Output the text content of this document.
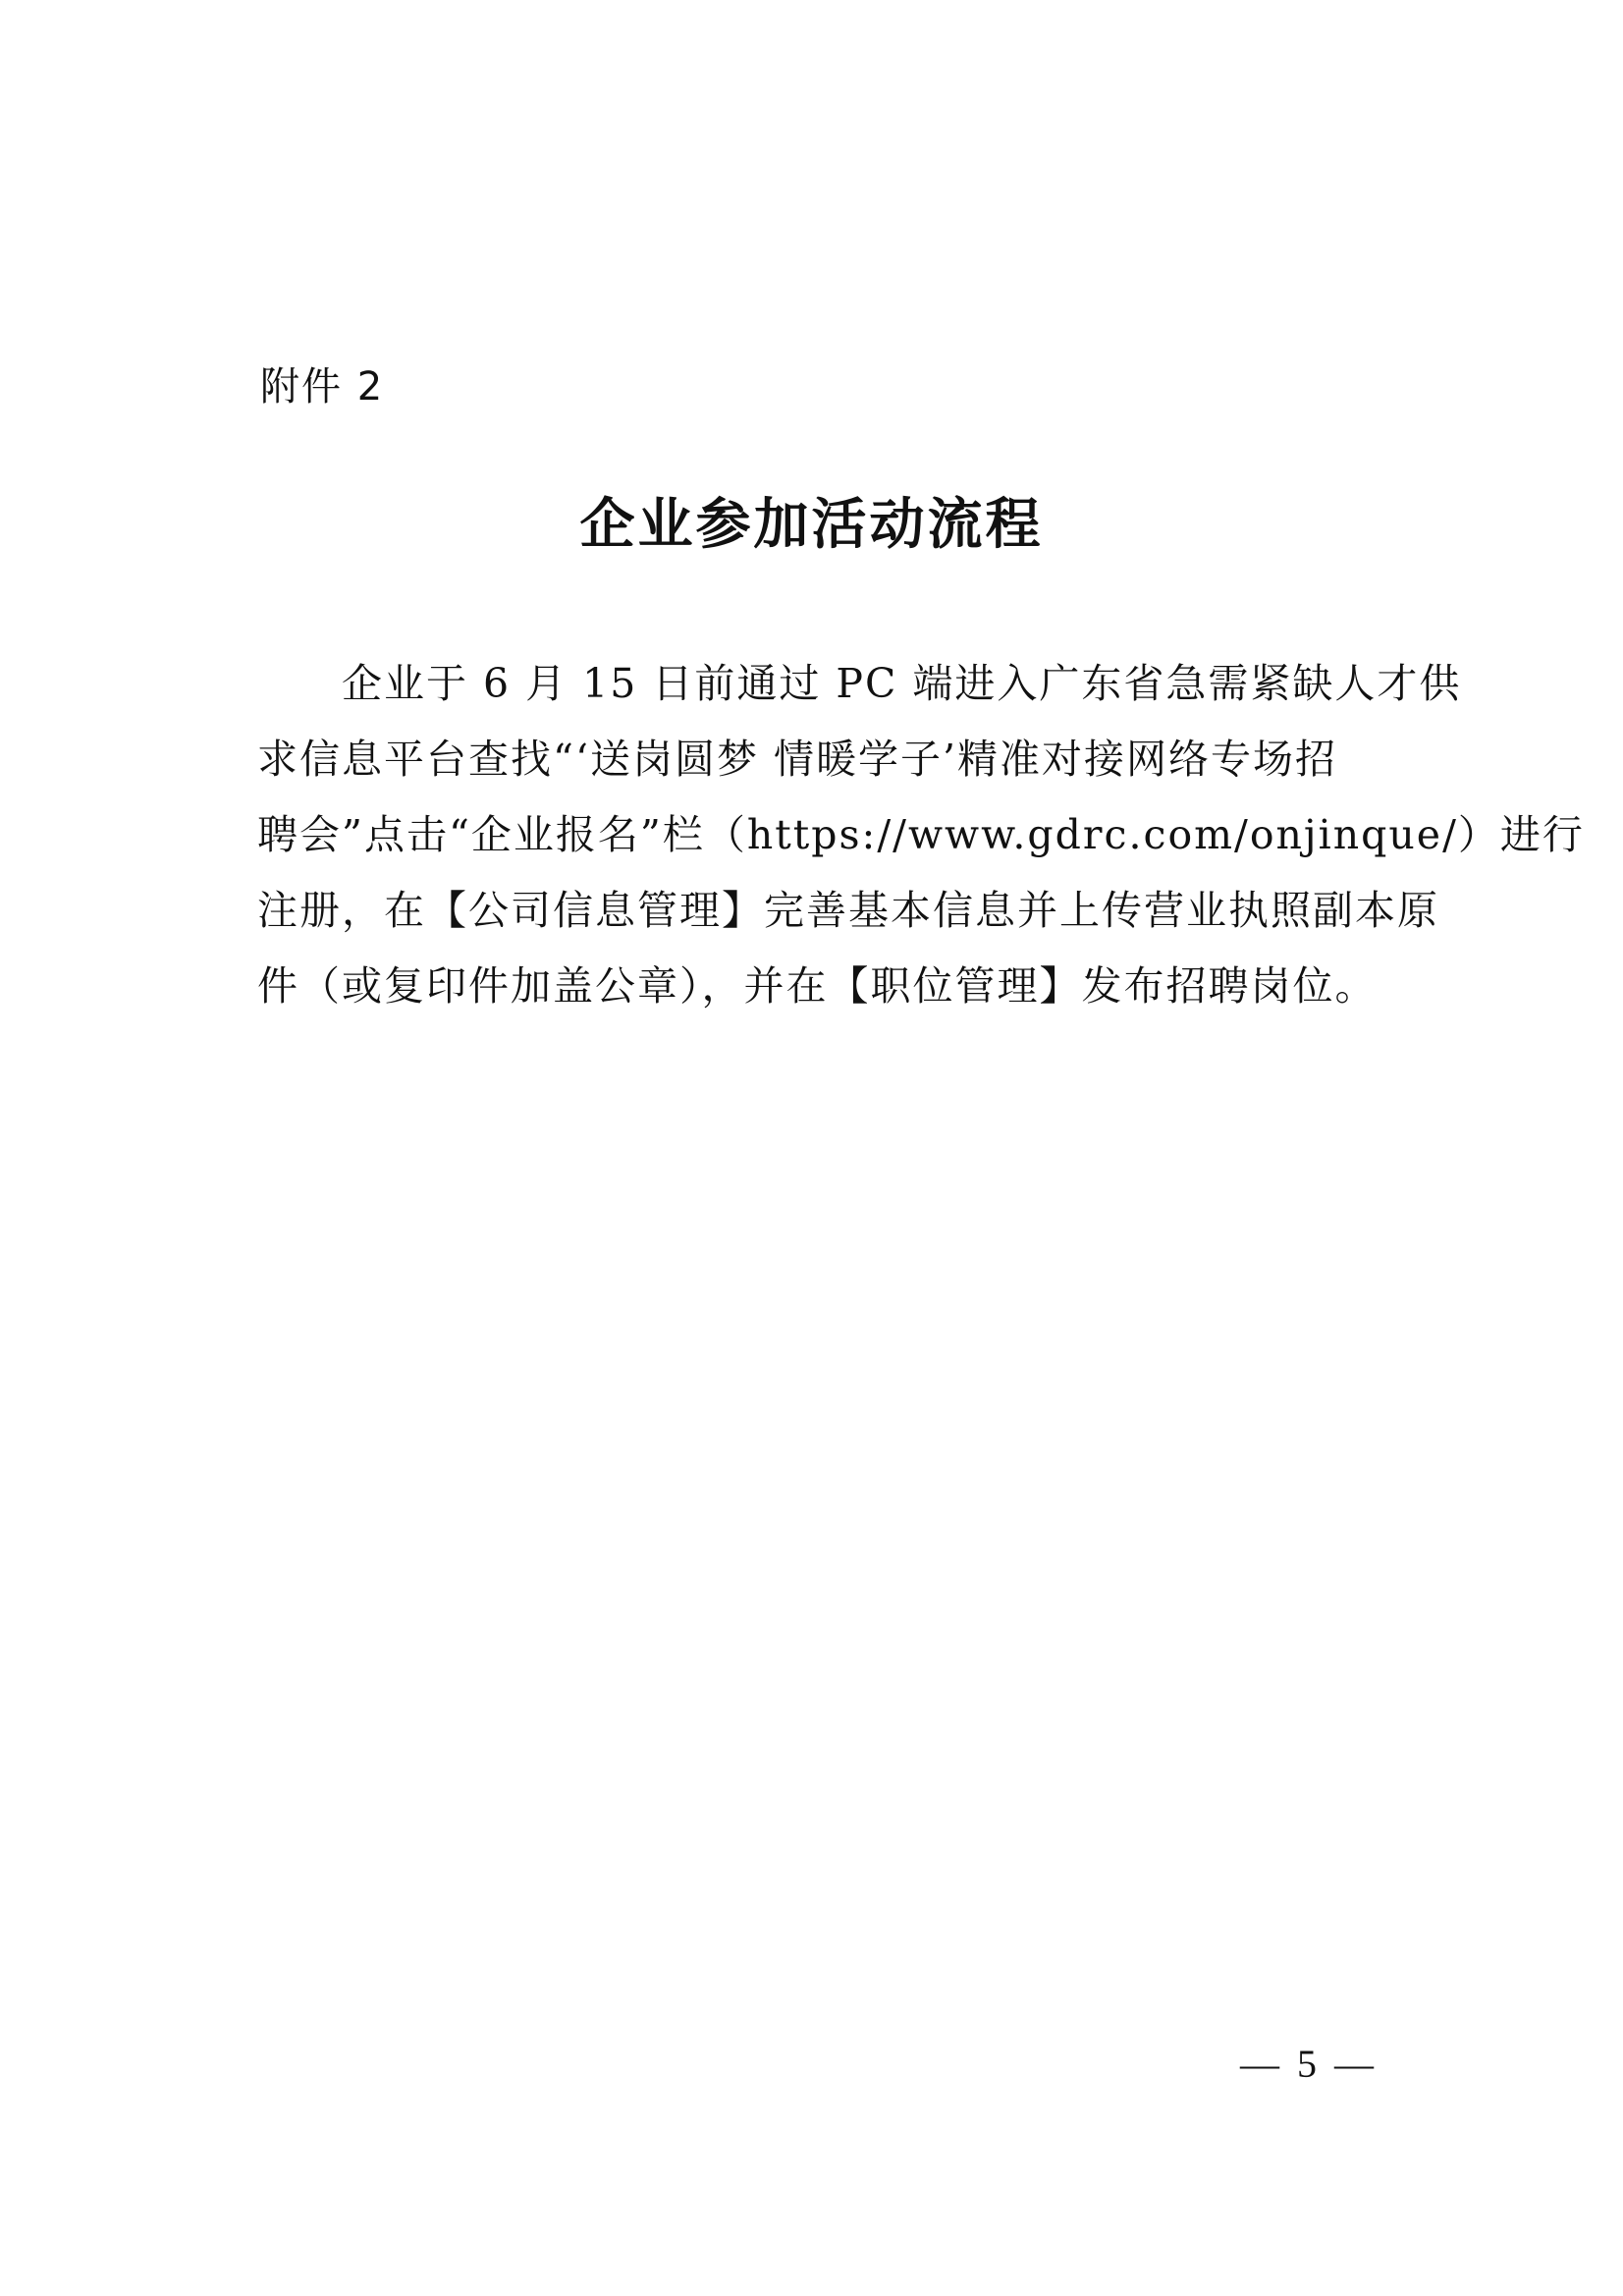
附件 2
企业参加活动流程
企业于 6 月 15 日前通过 PC 端进入广东省急需紧缺人才供
求信息平台查找“‘送岗圆梦 情暖学子’精准对接网络专场招
聘会”点击“企业报名”栏（https://www.gdrc.com/onjinque/）进行
注册，在【公司信息管理】完善基本信息并上传营业执照副本原
件（或复印件加盖公章），并在【职位管理】发布招聘岗位。
— 5 —
